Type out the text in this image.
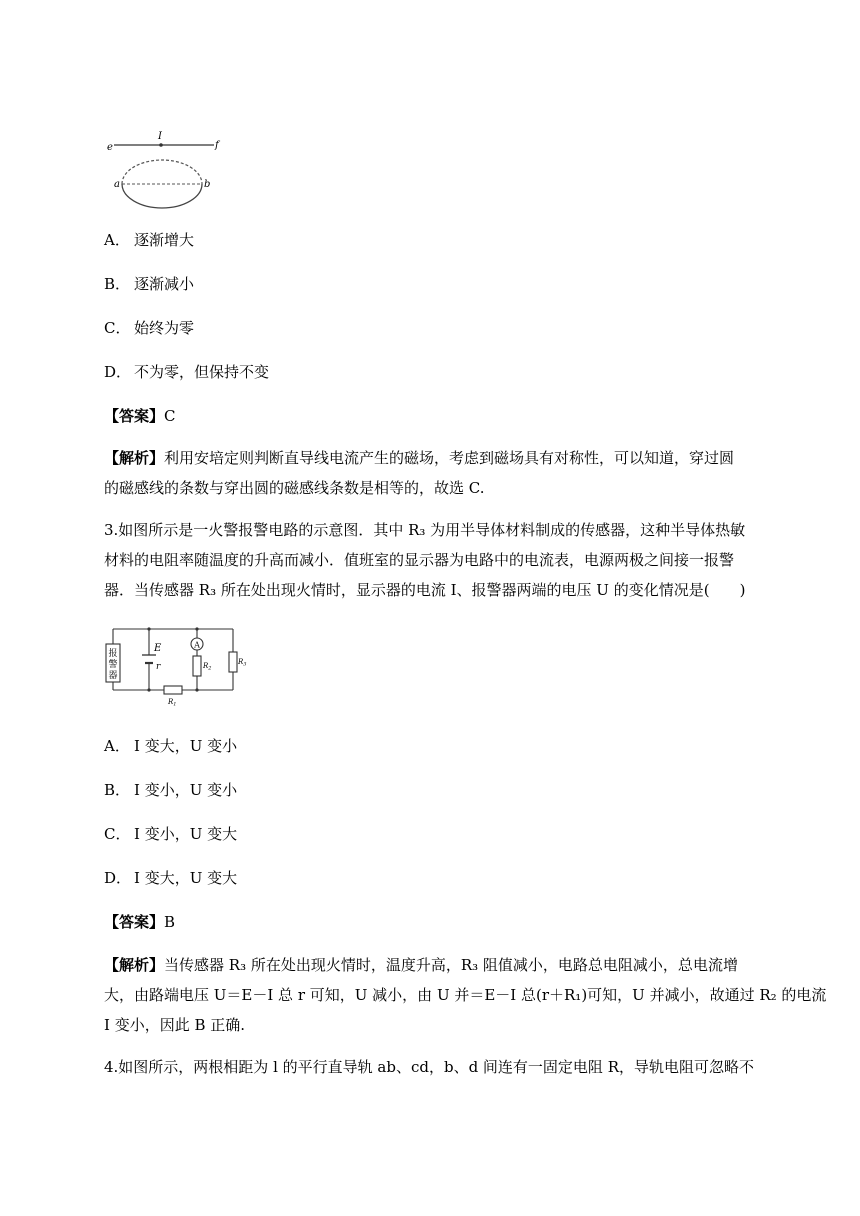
e	f
I
a	b
A． 逐渐增大
B． 逐渐减小
C． 始终为零
D． 不为零，但保持不变
【答案】C
【解析】利用安培定则判断直导线电流产生的磁场，考虑到磁场具有对称性，可以知道，穿过圆
的磁感线的条数与穿出圆的磁感线条数是相等的，故选 C.
3.如图所示是一火警报警电路的示意图．其中 R₃ 为用半导体材料制成的传感器，这种半导体热敏
材料的电阻率随温度的升高而减小．值班室的显示器为电路中的电流表，电源两极之间接一报警
器．当传感器 R₃ 所在处出现火情时，显示器的电流 I、报警器两端的电压 U 的变化情况是(　　)
报
警
器
E
r
A
$R_2$
$R_3$
$R_1$
A． I 变大，U 变小
B． I 变小，U 变小
C． I 变小，U 变大
D． I 变大，U 变大
【答案】B
【解析】当传感器 R₃ 所在处出现火情时，温度升高，R₃ 阻值减小，电路总电阻减小，总电流增
大，由路端电压 U＝E－I 总 r 可知，U 减小，由 U 并＝E－I 总(r＋R₁)可知，U 并减小，故通过 R₂ 的电流
I 变小，因此 B 正确.
4.如图所示，两根相距为 l 的平行直导轨 ab、cd，b、d 间连有一固定电阻 R，导轨电阻可忽略不
